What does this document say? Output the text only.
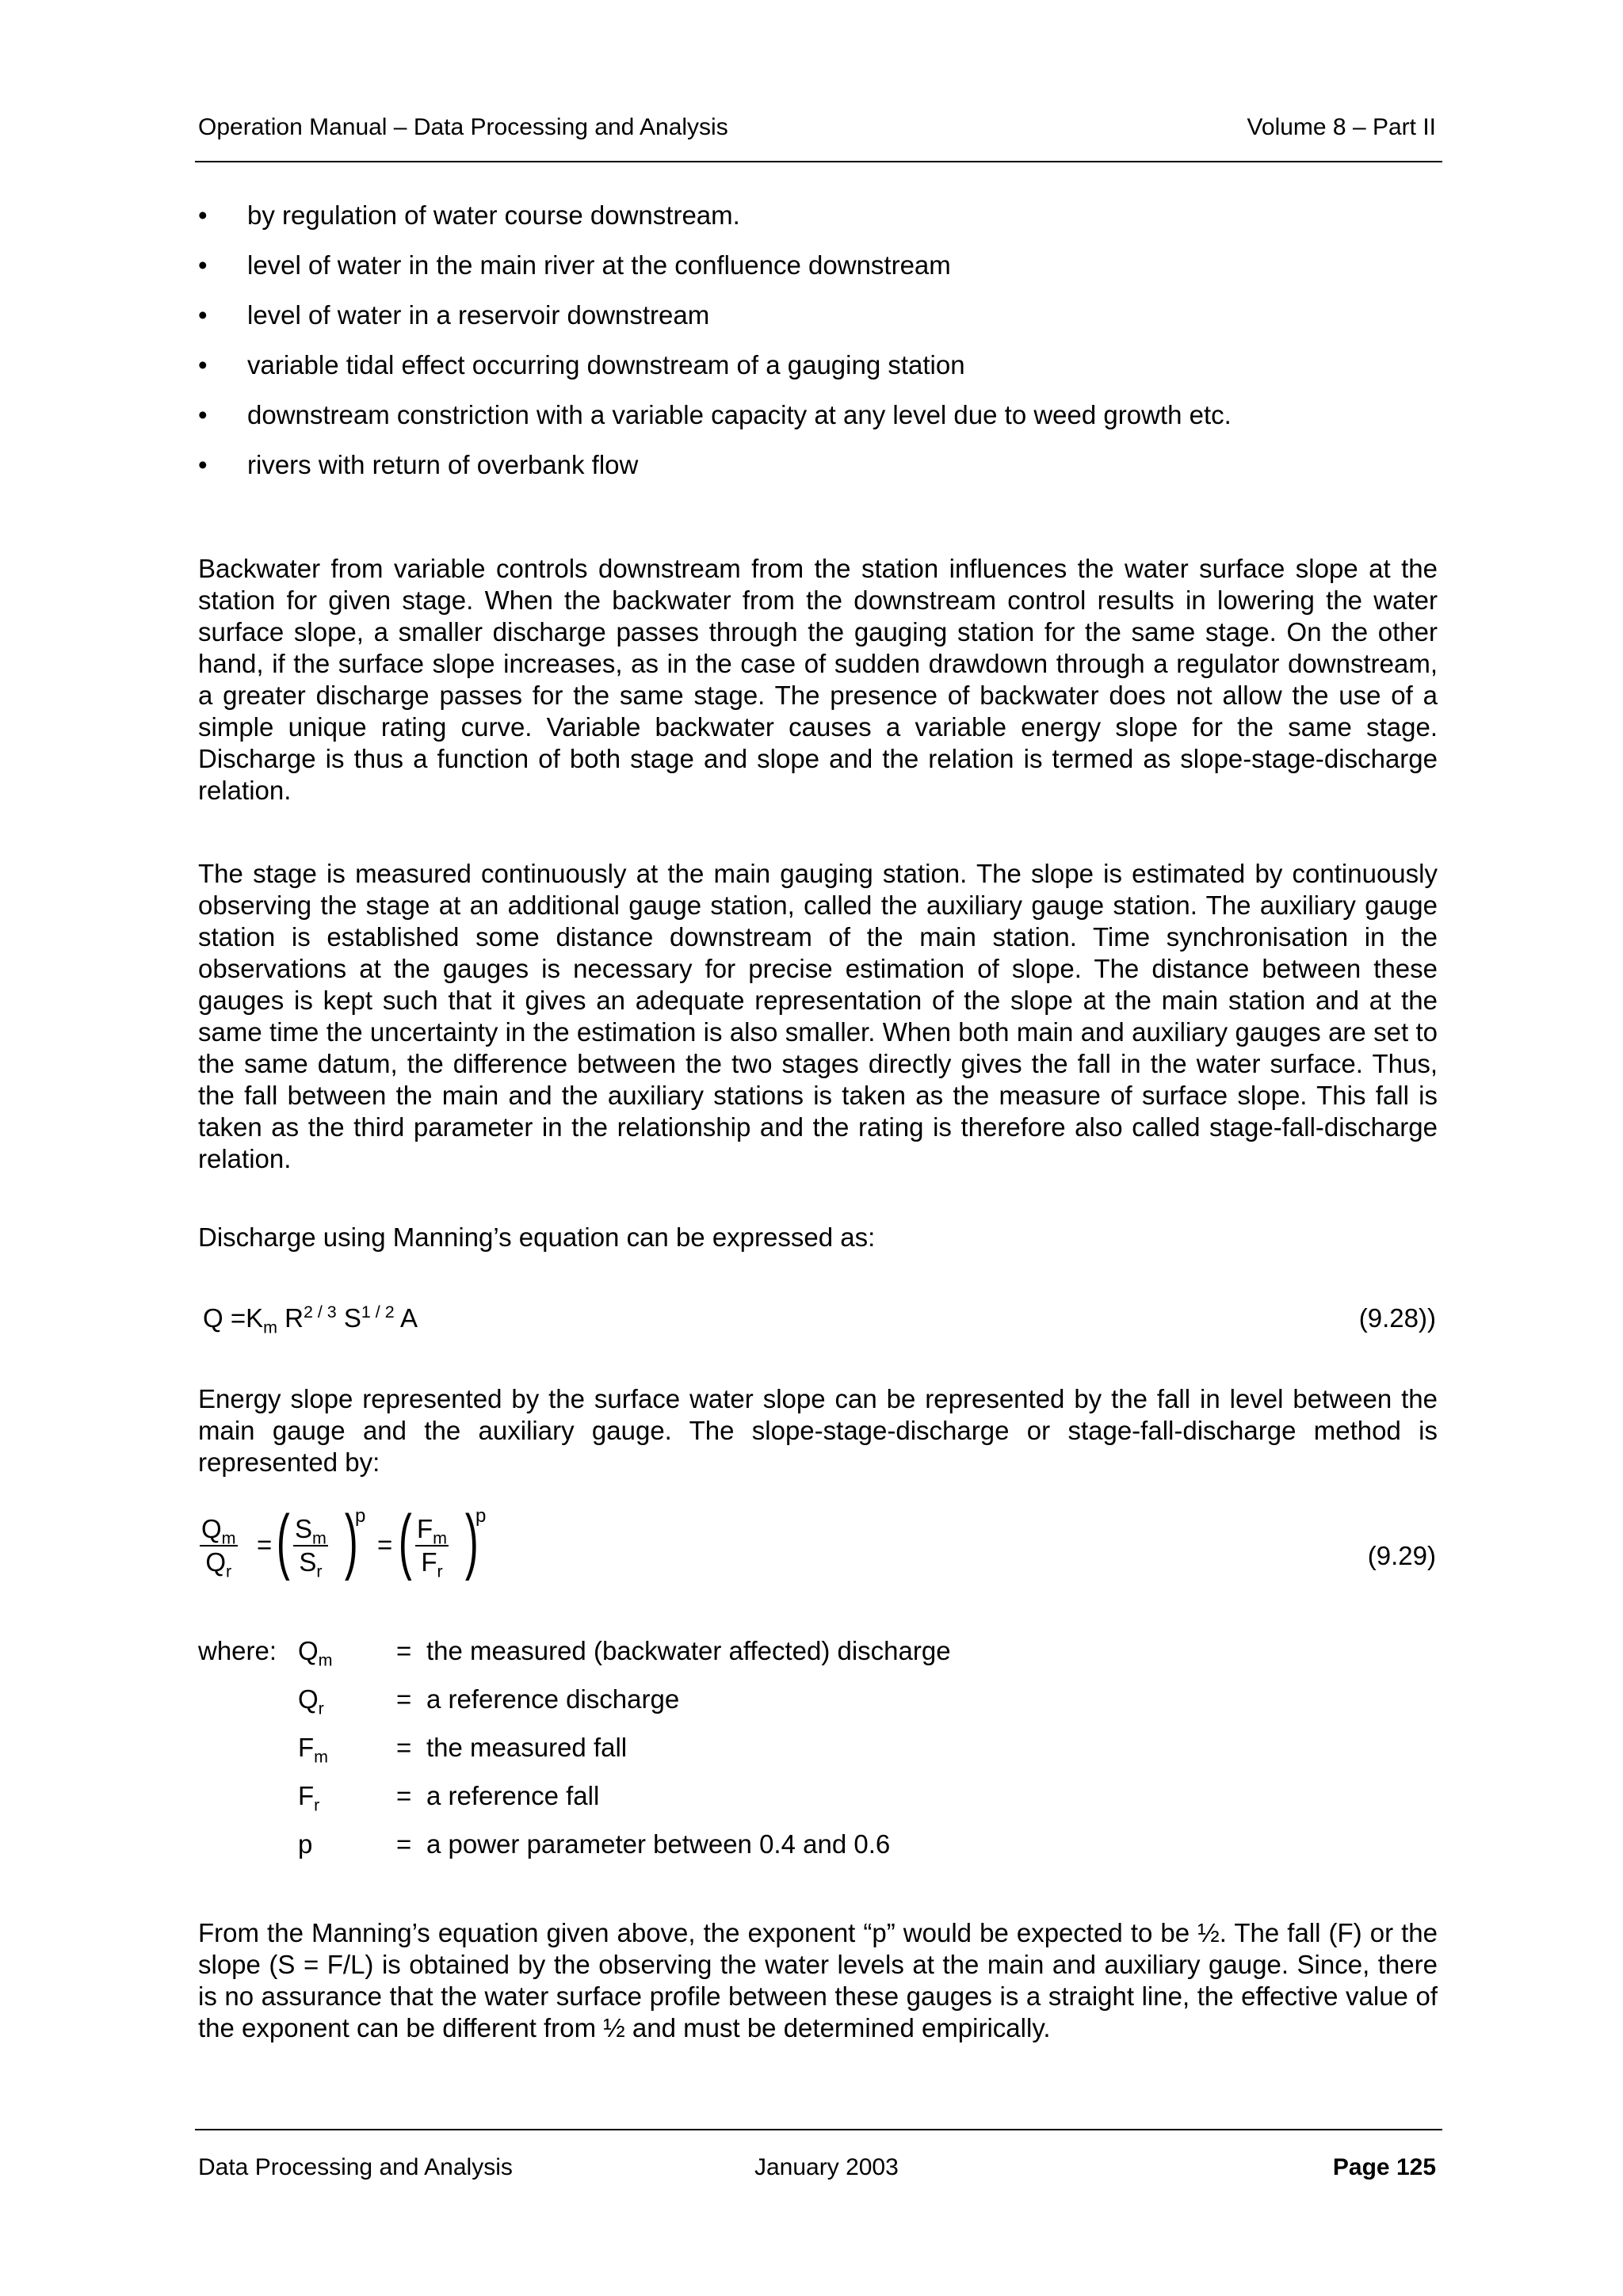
Operation Manual – Data Processing and Analysis	Volume 8 – Part II
• by regulation of water course downstream.
• level of water in the main river at the confluence downstream
• level of water in a reservoir downstream
• variable tidal effect occurring downstream of a gauging station
• downstream constriction with a variable capacity at any level due to weed growth etc.
• rivers with return of overbank flow

Backwater from variable controls downstream from the station influences the water surface slope at the station for given stage. When the backwater from the downstream control results in lowering the water surface slope, a smaller discharge passes through the gauging station for the same stage. On the other hand, if the surface slope increases, as in the case of sudden drawdown through a regulator downstream, a greater discharge passes for the same stage. The presence of backwater does not allow the use of a simple unique rating curve. Variable backwater causes a variable energy slope for the same stage. Discharge is thus a function of both stage and slope and the relation is termed as slope-stage-discharge relation.

The stage is measured continuously at the main gauging station. The slope is estimated by continuously observing the stage at an additional gauge station, called the auxiliary gauge station. The auxiliary gauge station is established some distance downstream of the main station. Time synchronisation in the observations at the gauges is necessary for precise estimation of slope. The distance between these gauges is kept such that it gives an adequate representation of the slope at the main station and at the same time the uncertainty in the estimation is also smaller. When both main and auxiliary gauges are set to the same datum, the difference between the two stages directly gives the fall in the water surface. Thus, the fall between the main and the auxiliary stations is taken as the measure of surface slope. This fall is taken as the third parameter in the relationship and the rating is therefore also called stage-fall-discharge relation.

Discharge using Manning’s equation can be expressed as:

$Q =K_m$ $R^{2 / 3}$ $S^{1 / 2}$ A	(9.28))

Energy slope represented by the surface water slope can be represented by the fall in level between the main gauge and the auxiliary gauge. The slope-stage-discharge or stage-fall-discharge method is represented by:

$\frac{Q_m}{Q_r}$ = ( $\frac{S_m}{S_r}$ )
p
= ( $\frac{F_m}{F_r}$ )
p
(9.29)
where: $Q_m$ = the measured (backwater affected) discharge
$Q_r$	= a reference discharge
$F_m$	= the measured fall
$F_r$	= a reference fall
p	= a power parameter between 0.4 and 0.6

From the Manning’s equation given above, the exponent “p” would be expected to be ½. The fall (F) or the slope (S = F/L) is obtained by the observing the water levels at the main and auxiliary gauge. Since, there is no assurance that the water surface profile between these gauges is a straight line, the effective value of the exponent can be different from ½ and must be determined empirically.

Data Processing and Analysis	January 2003	Page 125
